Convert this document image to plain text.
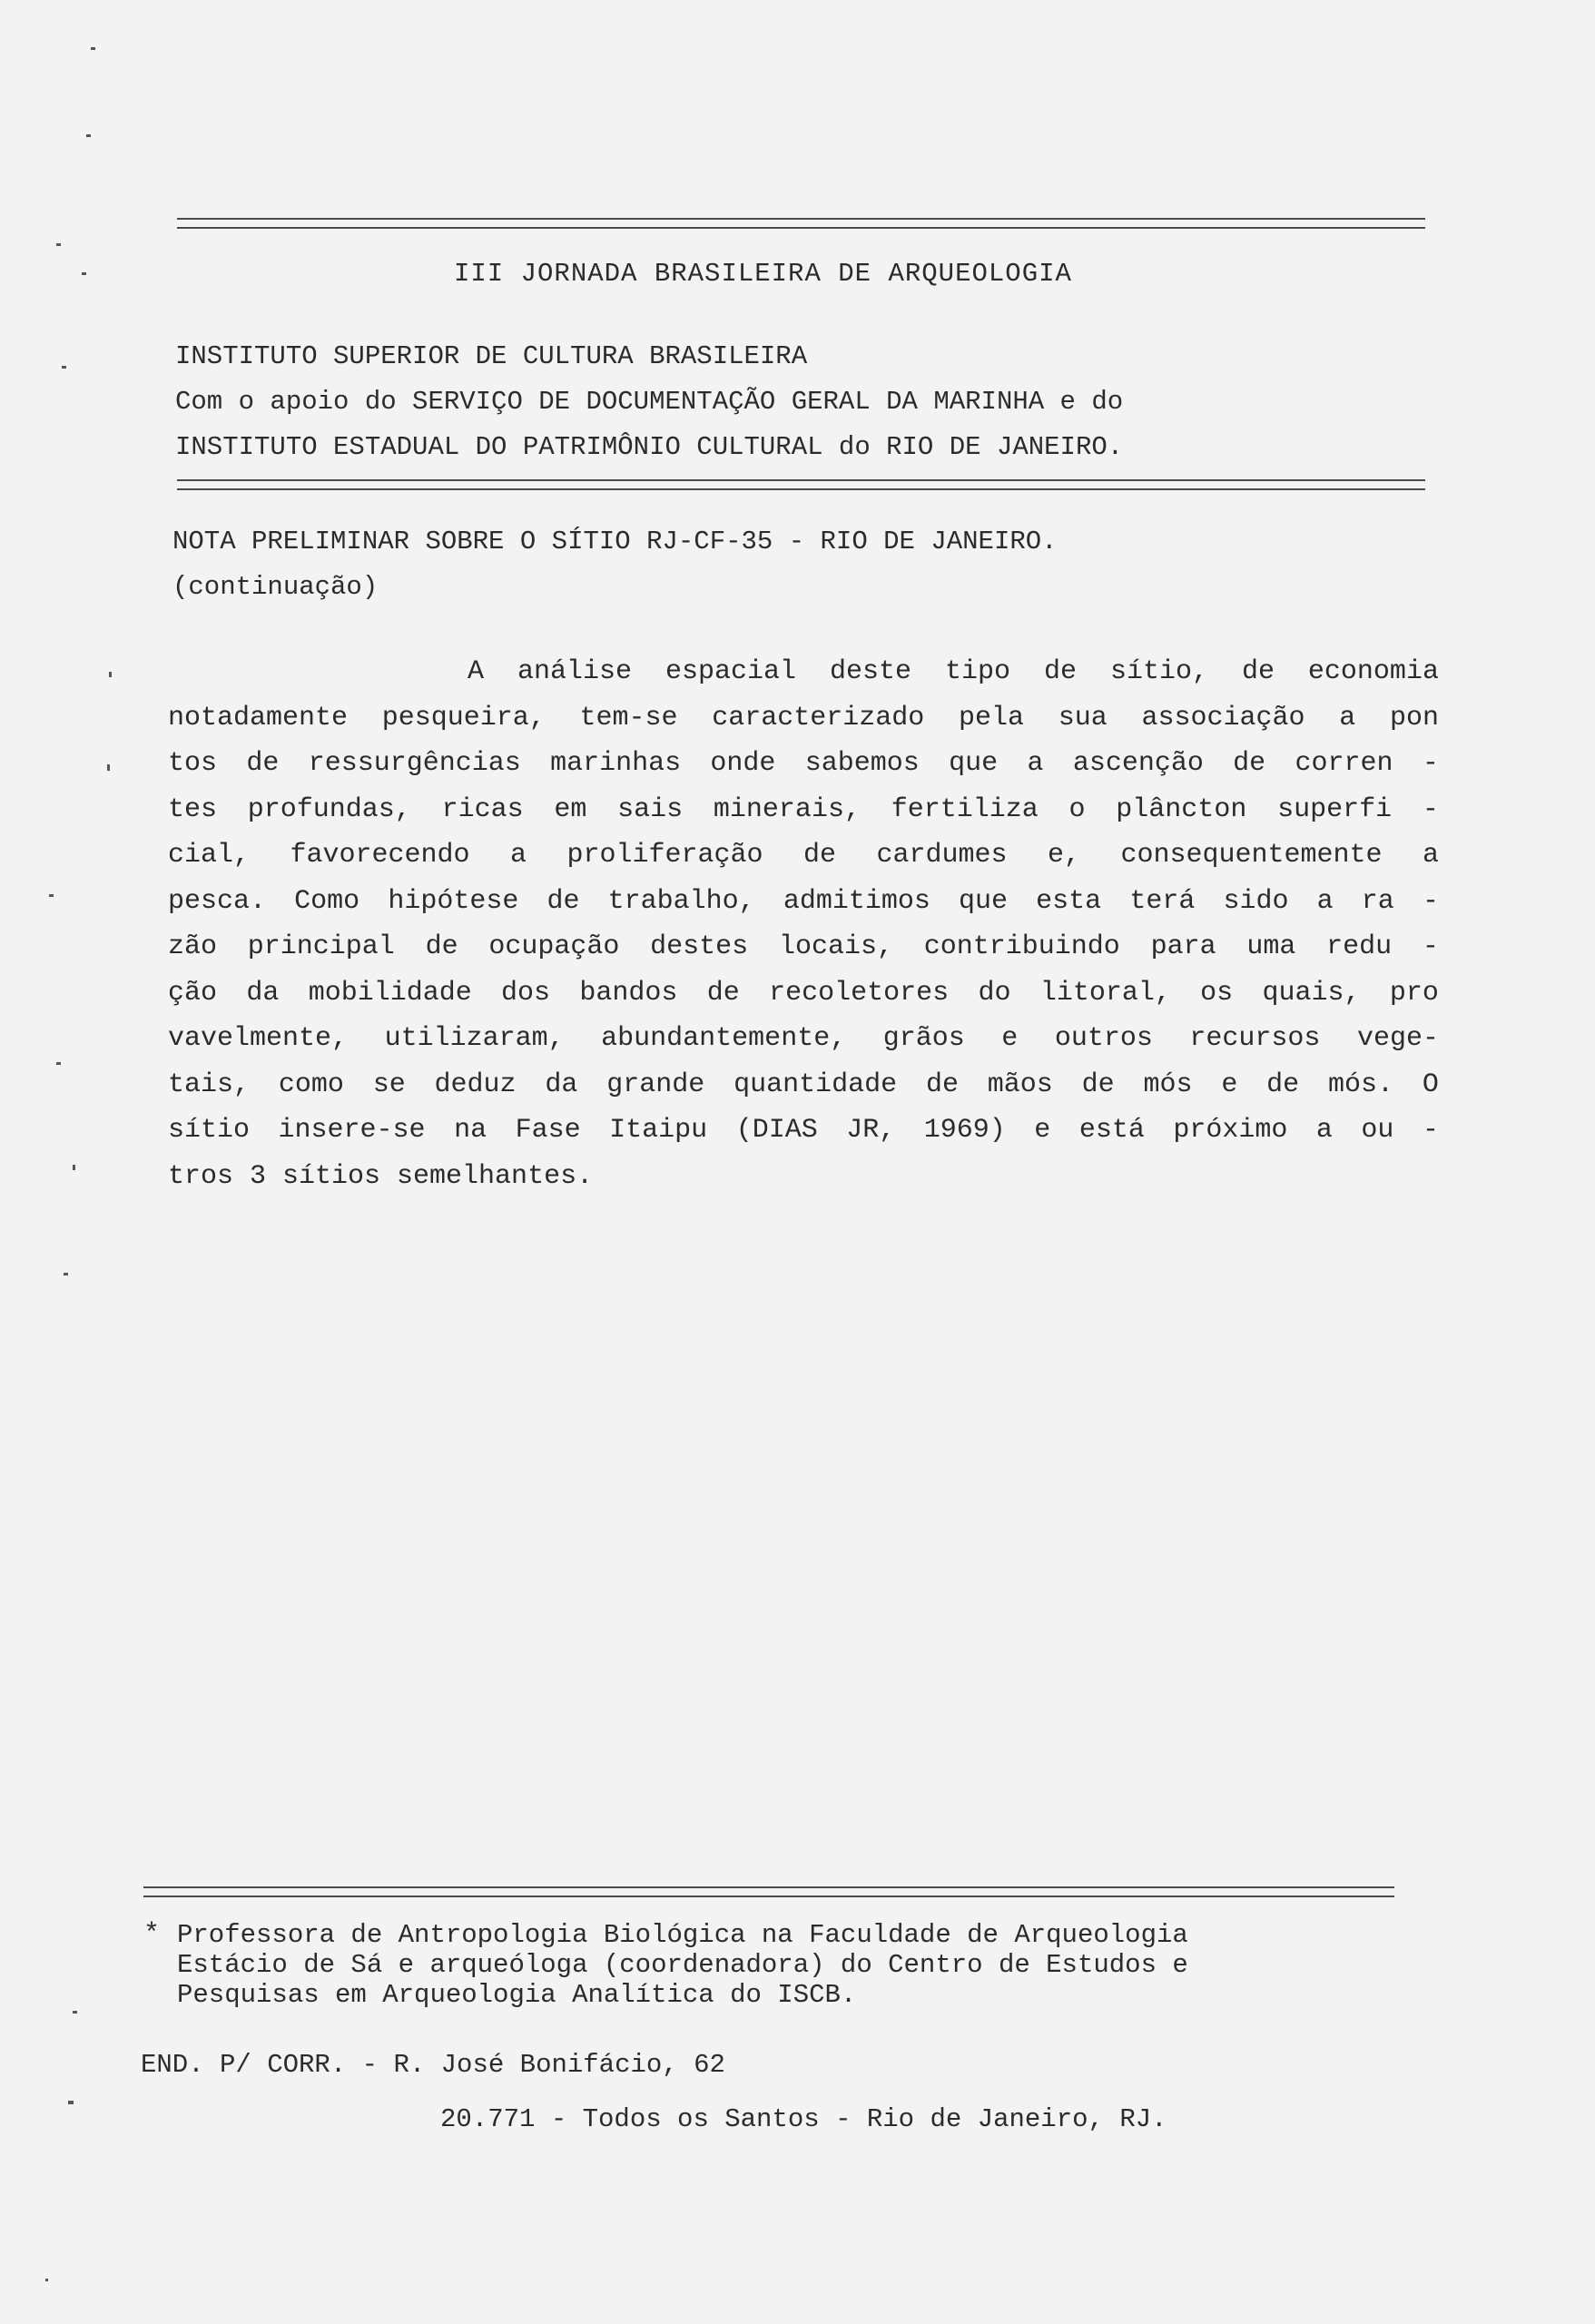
III JORNADA BRASILEIRA DE ARQUEOLOGIA
INSTITUTO SUPERIOR DE CULTURA BRASILEIRA
Com o apoio do SERVIÇO DE DOCUMENTAÇÃO GERAL DA MARINHA e do
INSTITUTO ESTADUAL DO PATRIMÔNIO CULTURAL do RIO DE JANEIRO.
NOTA PRELIMINAR SOBRE O SÍTIO RJ-CF-35 - RIO DE JANEIRO.
(continuação)
A análise espacial deste tipo de sítio, de economia
notadamente pesqueira, tem-se caracterizado pela sua associação a pon
tos de ressurgências marinhas onde sabemos que a ascenção de corren -
tes profundas, ricas em sais minerais, fertiliza o plâncton superfi -
cial, favorecendo a proliferação de cardumes e, consequentemente a
pesca. Como hipótese de trabalho, admitimos que esta terá sido a ra -
zão principal de ocupação destes locais, contribuindo para uma redu -
ção da mobilidade dos bandos de recoletores do litoral, os quais, pro
vavelmente, utilizaram, abundantemente, grãos e outros recursos vege-
tais, como se deduz da grande quantidade de mãos de mós e de mós. O
sítio insere-se na Fase Itaipu (DIAS JR, 1969) e está próximo a ou -
tros 3 sítios semelhantes.
* Professora de Antropologia Biológica na Faculdade de Arqueologia
Estácio de Sá e arqueóloga (coordenadora) do Centro de Estudos e
Pesquisas em Arqueologia Analítica do ISCB.
END. P/ CORR. - R. José Bonifácio, 62
20.771 - Todos os Santos - Rio de Janeiro, RJ.
